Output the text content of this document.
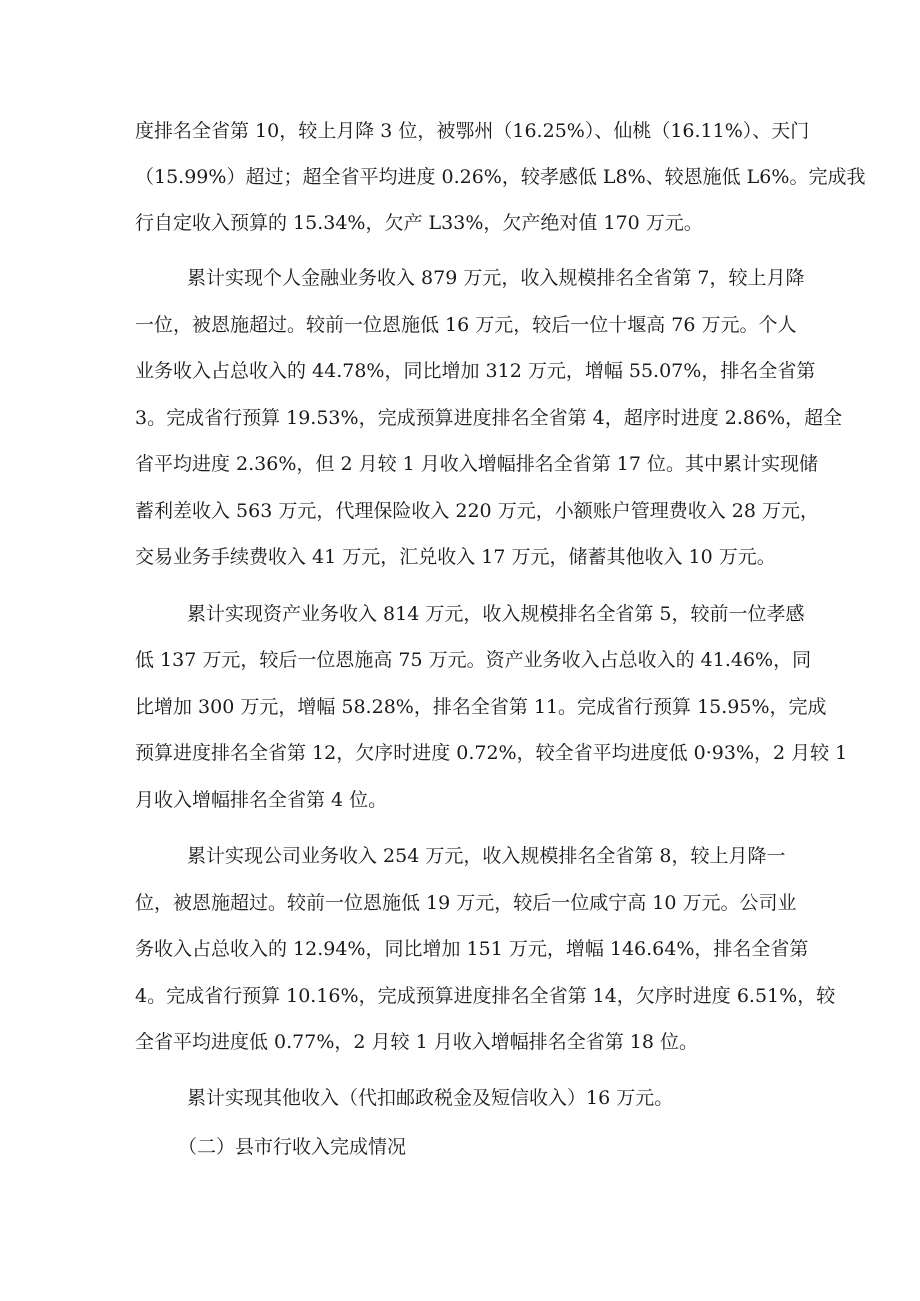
度排名全省第 10，较上月降 3 位，被鄂州（16.25%）、仙桃（16.11%）、天门
（15.99%）超过；超全省平均进度 0.26%，较孝感低 L8%、较恩施低 L6%。完成我
行自定收入预算的 15.34%，欠产 L33%，欠产绝对值 170 万元。
累计实现个人金融业务收入 879 万元，收入规模排名全省第 7，较上月降
一位，被恩施超过。较前一位恩施低 16 万元，较后一位十堰高 76 万元。个人
业务收入占总收入的 44.78%，同比增加 312 万元，增幅 55.07%，排名全省第
3。完成省行预算 19.53%，完成预算进度排名全省第 4，超序时进度 2.86%，超全
省平均进度 2.36%，但 2 月较 1 月收入增幅排名全省第 17 位。其中累计实现储
蓄利差收入 563 万元，代理保险收入 220 万元，小额账户管理费收入 28 万元，
交易业务手续费收入 41 万元，汇兑收入 17 万元，储蓄其他收入 10 万元。
累计实现资产业务收入 814 万元，收入规模排名全省第 5，较前一位孝感
低 137 万元，较后一位恩施高 75 万元。资产业务收入占总收入的 41.46%，同
比增加 300 万元，增幅 58.28%，排名全省第 11。完成省行预算 15.95%，完成
预算进度排名全省第 12，欠序时进度 0.72%，较全省平均进度低 0·93%，2 月较 1
月收入增幅排名全省第 4 位。
累计实现公司业务收入 254 万元，收入规模排名全省第 8，较上月降一
位，被恩施超过。较前一位恩施低 19 万元，较后一位咸宁高 10 万元。公司业
务收入占总收入的 12.94%，同比增加 151 万元，增幅 146.64%，排名全省第
4。完成省行预算 10.16%，完成预算进度排名全省第 14，欠序时进度 6.51%，较
全省平均进度低 0.77%，2 月较 1 月收入增幅排名全省第 18 位。
累计实现其他收入（代扣邮政税金及短信收入）16 万元。
（二）县市行收入完成情况
